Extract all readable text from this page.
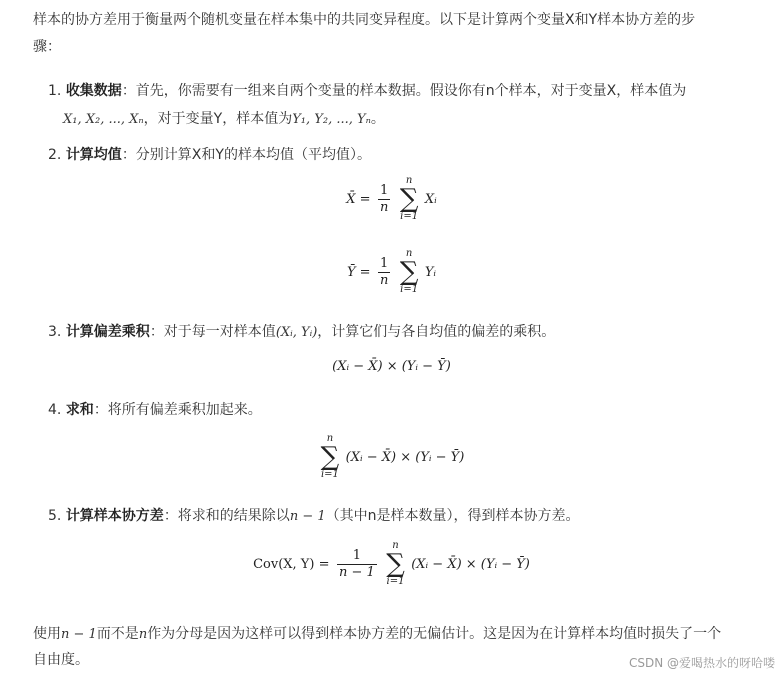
样本的协方差用于衡量两个随机变量在样本集中的共同变异程度。以下是计算两个变量X和Y样本协方差的步
骤：
1. 收集数据：首先，你需要有一组来自两个变量的样本数据。假设你有n个样本，对于变量X，样本值为
X₁, X₂, ..., Xₙ，对于变量Y，样本值为Y₁, Y₂, ..., Yₙ。
2. 计算均值：分别计算X和Y的样本均值（平均值）。
X̄ = $\frac{1}{n}$

n
∑
i=1
Xᵢ
Ȳ = $\frac{1}{n}$

n
∑
i=1
Yᵢ
3. 计算偏差乘积：对于每一对样本值(Xᵢ, Yᵢ)，计算它们与各自均值的偏差的乘积。
(Xᵢ − X̄) × (Yᵢ − Ȳ)
4. 求和：将所有偏差乘积加起来。
n
∑
i=1
(Xᵢ − X̄) × (Yᵢ − Ȳ)
5. 计算样本协方差：将求和的结果除以n − 1（其中n是样本数量），得到样本协方差。
Cov(X, $Y) = \frac{1}{n - 1}$

n
∑
i=1
(Xᵢ − X̄) × (Yᵢ − Ȳ)
使用n − 1而不是n作为分母是因为这样可以得到样本协方差的无偏估计。这是因为在计算样本均值时损失了一个
自由度。	CSDN @爱喝热水的呀哈喽
